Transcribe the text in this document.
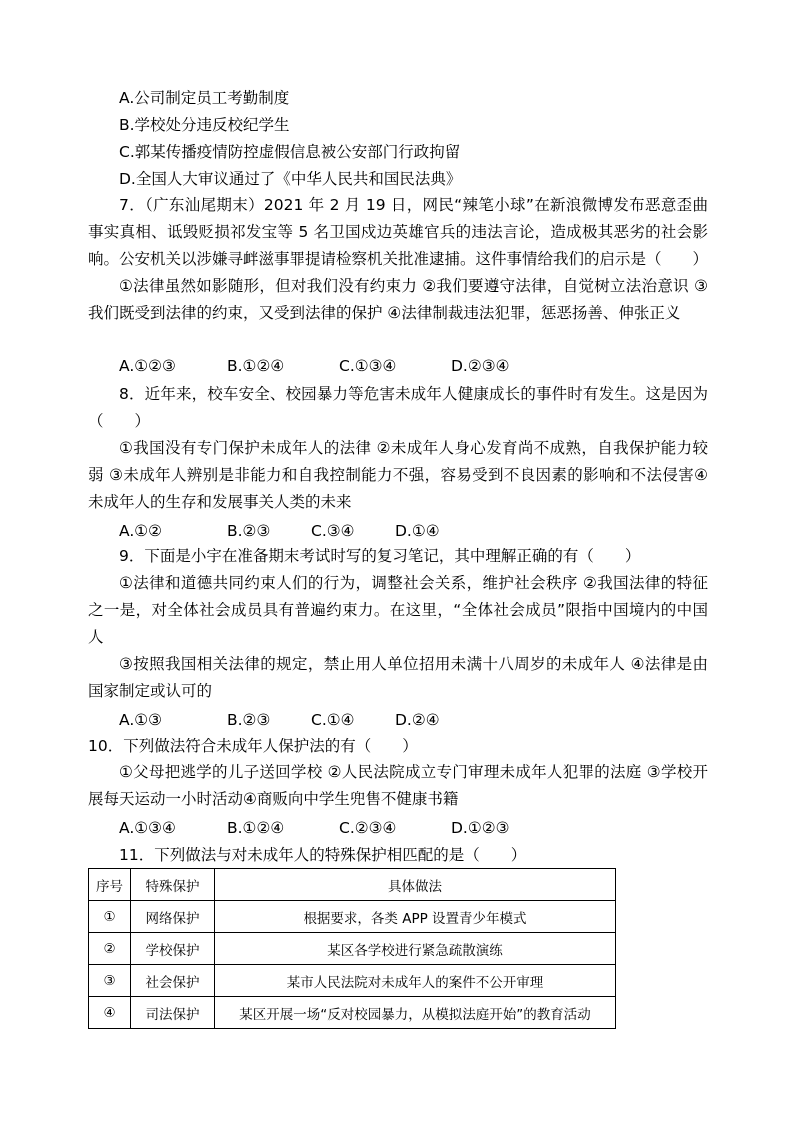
A.公司制定员工考勤制度
B.学校处分违反校纪学生
C.郭某传播疫情防控虚假信息被公安部门行政拘留
D.全国人大审议通过了《中华人民共和国民法典》
7．（广东汕尾期末）2021 年 2 月 19 日，网民“辣笔小球”在新浪微博发布恶意歪曲事实真相、诋毁贬损祁发宝等 5 名卫国戍边英雄官兵的违法言论，造成极其恶劣的社会影响。公安机关以涉嫌寻衅滋事罪提请检察机关批准逮捕。这件事情给我们的启示是（　　）
①法律虽然如影随形，但对我们没有约束力 ②我们要遵守法律，自觉树立法治意识 ③我们既受到法律的约束，又受到法律的保护 ④法律制裁违法犯罪，惩恶扬善、伸张正义
A.①②③	B.①②④	C.①③④	D.②③④
8．近年来，校车安全、校园暴力等危害未成年人健康成长的事件时有发生。这是因为（　　）
①我国没有专门保护未成年人的法律 ②未成年人身心发育尚不成熟，自我保护能力较弱 ③未成年人辨别是非能力和自我控制能力不强，容易受到不良因素的影响和不法侵害④未成年人的生存和发展事关人类的未来
A.①②	B.②③	C.③④	D.①④
9．下面是小宇在准备期末考试时写的复习笔记，其中理解正确的有（　　）
①法律和道德共同约束人们的行为，调整社会关系，维护社会秩序 ②我国法律的特征之一是，对全体社会成员具有普遍约束力。在这里，“全体社会成员”限指中国境内的中国人
③按照我国相关法律的规定，禁止用人单位招用未满十八周岁的未成年人 ④法律是由国家制定或认可的
A.①③	B.②③	C.①④	D.②④
10．下列做法符合未成年人保护法的有（　　）
①父母把逃学的儿子送回学校 ②人民法院成立专门审理未成年人犯罪的法庭 ③学校开展每天运动一小时活动④商贩向中学生兜售不健康书籍
A.①③④	B.①②④	C.②③④	D.①②③
11．下列做法与对未成年人的特殊保护相匹配的是（　　）
序号	特殊保护	具体做法
①	网络保护	根据要求，各类 APP 设置青少年模式
②	学校保护	某区各学校进行紧急疏散演练
③	社会保护	某市人民法院对未成年人的案件不公开审理
④	司法保护	某区开展一场“反对校园暴力，从模拟法庭开始”的教育活动
